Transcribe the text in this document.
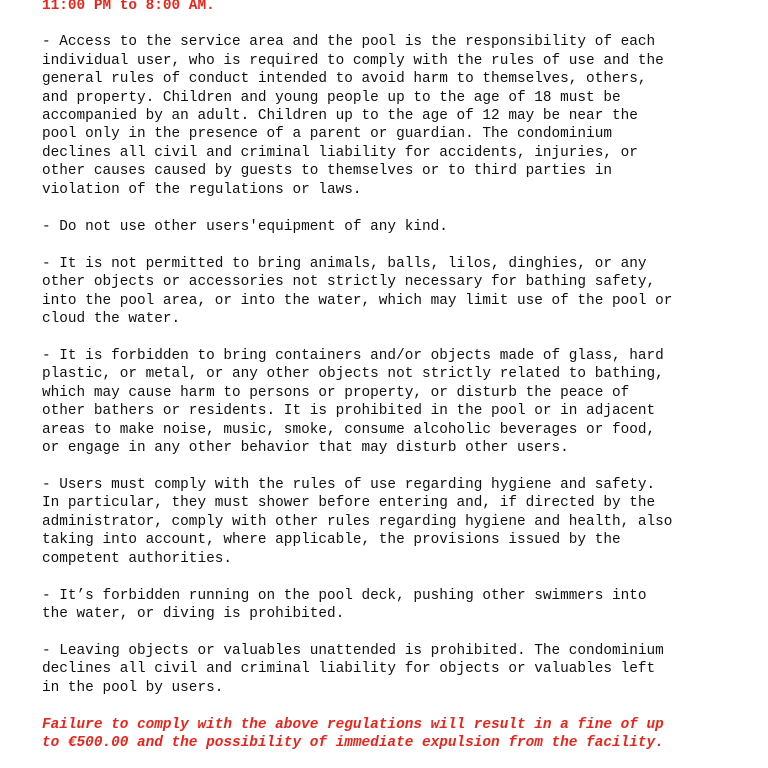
11:00 PM to 8:00 AM.
- Access to the service area and the pool is the responsibility of each
individual user, who is required to comply with the rules of use and the
general rules of conduct intended to avoid harm to themselves, others,
and property. Children and young people up to the age of 18 must be
accompanied by an adult. Children up to the age of 12 may be near the
pool only in the presence of a parent or guardian. The condominium
declines all civil and criminal liability for accidents, injuries, or
other causes caused by guests to themselves or to third parties in
violation of the regulations or laws.
- Do not use other users'equipment of any kind.
- It is not permitted to bring animals, balls, lilos, dinghies, or any
other objects or accessories not strictly necessary for bathing safety,
into the pool area, or into the water, which may limit use of the pool or
cloud the water.
- It is forbidden to bring containers and/or objects made of glass, hard
plastic, or metal, or any other objects not strictly related to bathing,
which may cause harm to persons or property, or disturb the peace of
other bathers or residents. It is prohibited in the pool or in adjacent
areas to make noise, music, smoke, consume alcoholic beverages or food,
or engage in any other behavior that may disturb other users.
- Users must comply with the rules of use regarding hygiene and safety.
In particular, they must shower before entering and, if directed by the
administrator, comply with other rules regarding hygiene and health, also
taking into account, where applicable, the provisions issued by the
competent authorities.
- It’s forbidden running on the pool deck, pushing other swimmers into
the water, or diving is prohibited.
- Leaving objects or valuables unattended is prohibited. The condominium
declines all civil and criminal liability for objects or valuables left
in the pool by users.
Failure to comply with the above regulations will result in a fine of up
to €500.00 and the possibility of immediate expulsion from the facility.
